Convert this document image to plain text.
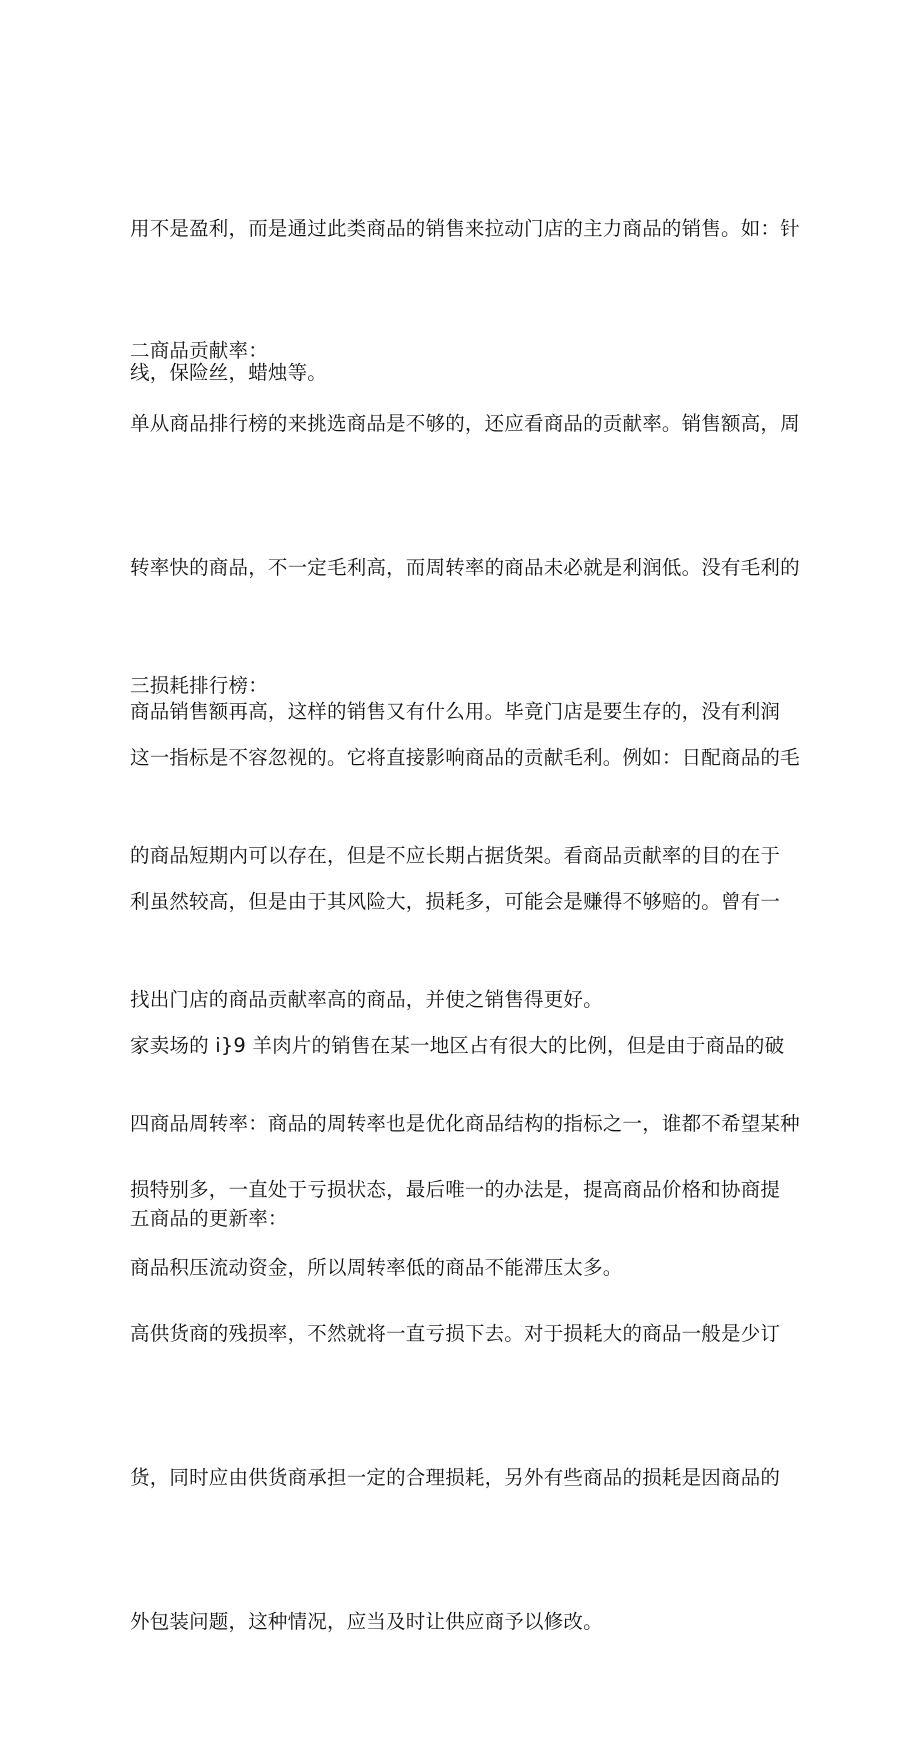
用不是盈利，而是通过此类商品的销售来拉动门店的主力商品的销售。如：针

线，保险丝，蜡烛等。

二商品贡献率：

单从商品排行榜的来挑选商品是不够的，还应看商品的贡献率。销售额高，周

转率快的商品，不一定毛利高，而周转率的商品未必就是利润低。没有毛利的

商品销售额再高，这样的销售又有什么用。毕竟门店是要生存的，没有利润

的商品短期内可以存在，但是不应长期占据货架。看商品贡献率的目的在于

找出门店的商品贡献率高的商品，并使之销售得更好。

三损耗排行榜：

这一指标是不容忽视的。它将直接影响商品的贡献毛利。例如：日配商品的毛

利虽然较高，但是由于其风险大，损耗多，可能会是赚得不够赔的。曾有一

家卖场的 i}9 羊肉片的销售在某一地区占有很大的比例，但是由于商品的破

损特别多，一直处于亏损状态，最后唯一的办法是，提高商品价格和协商提

高供货商的残损率，不然就将一直亏损下去。对于损耗大的商品一般是少订

货，同时应由供货商承担一定的合理损耗，另外有些商品的损耗是因商品的

外包装问题，这种情况，应当及时让供应商予以修改。

四商品周转率：商品的周转率也是优化商品结构的指标之一，谁都不希望某种

商品积压流动资金，所以周转率低的商品不能滞压太多。

五商品的更新率：
